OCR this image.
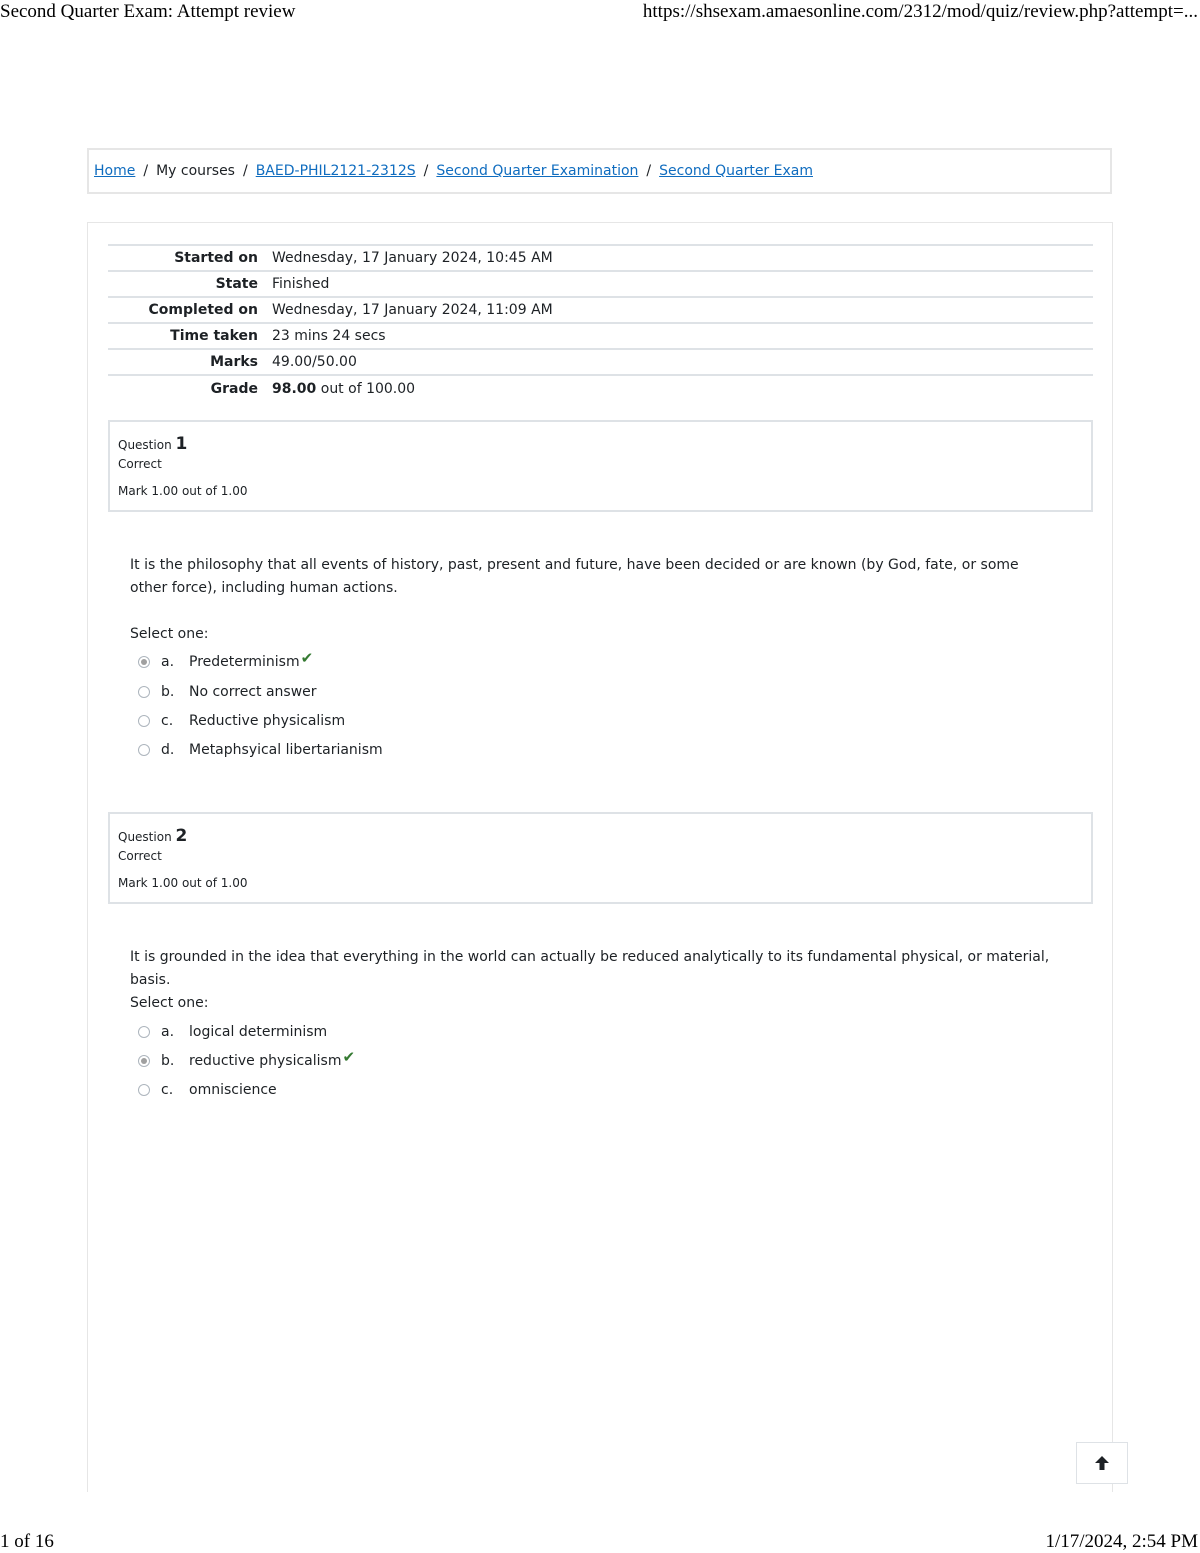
Second Quarter Exam: Attempt review	https://shsexam.amaesonline.com/2312/mod/quiz/review.php?attempt=...
Home / My courses / BAED-PHIL2121-2312S / Second Quarter Examination / Second Quarter Exam
Started on	Wednesday, 17 January 2024, 10:45 AM
State	Finished
Completed on	Wednesday, 17 January 2024, 11:09 AM
Time taken	23 mins 24 secs
Marks	49.00/50.00
Grade	98.00 out of 100.00
Question 1
Correct
Mark 1.00 out of 1.00
It is the philosophy that all events of history, past, present and future, have been decided or are known (by God, fate, or some other force), including human actions.
Select one:
a.	Predeterminism ✔
b.	No correct answer
c.	Reductive physicalism
d.	Metaphsyical libertarianism
Question 2
Correct
Mark 1.00 out of 1.00
It is grounded in the idea that everything in the world can actually be reduced analytically to its fundamental physical, or material, basis.
Select one:
a.	logical determinism
b.	reductive physicalism ✔
c.	omniscience
1 of 16	1/17/2024, 2:54 PM
